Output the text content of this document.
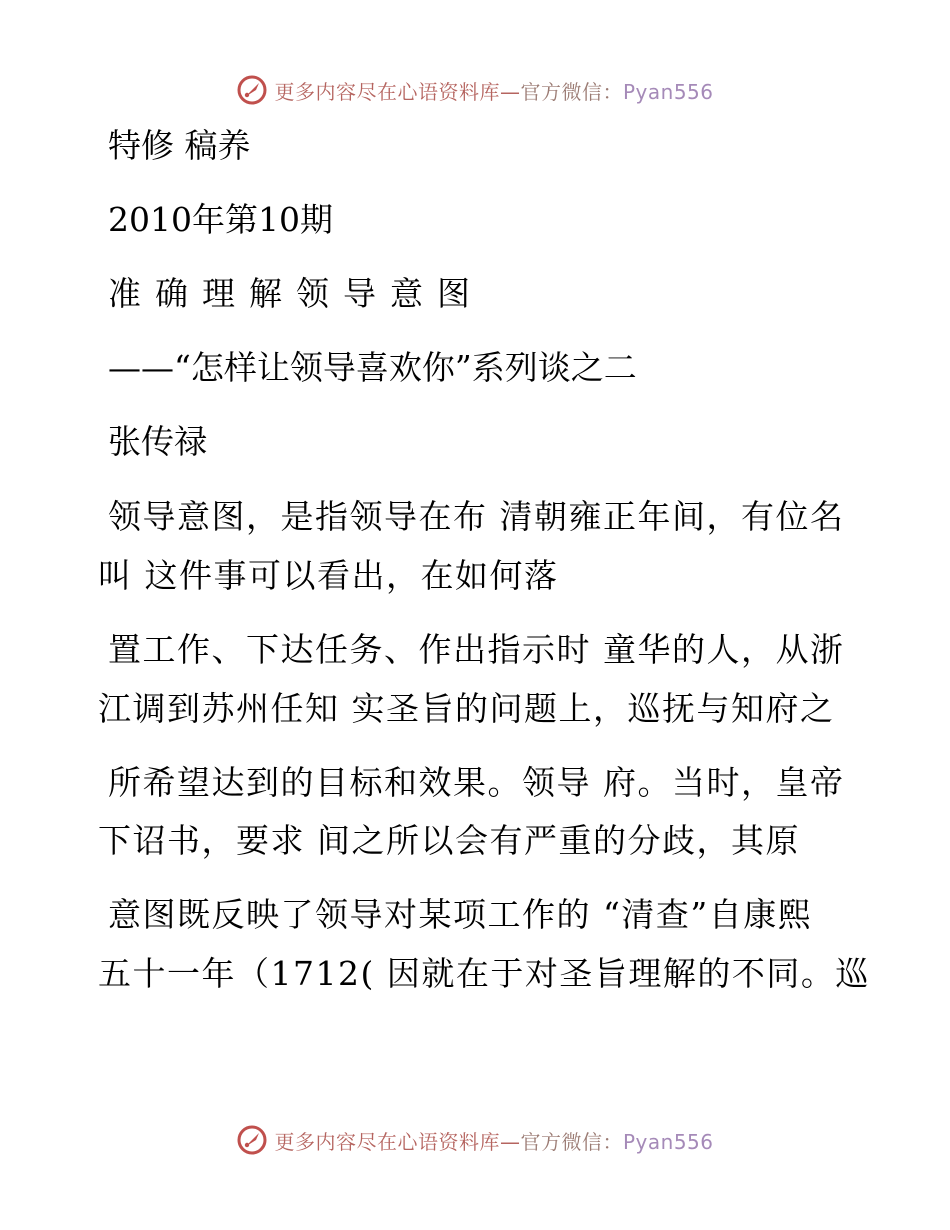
更多内容尽在心语资料库—官方微信：Pyan556
特修 稿养
2010年第10期
准确理解领导意图
——“怎样让领导喜欢你”系列谈之二
张传禄
领导意图，是指领导在布 清朝雍正年间，有位名
叫 这件事可以看出，在如何落
置工作、下达任务、作出指示时 童华的人，从浙
江调到苏州任知 实圣旨的问题上，巡抚与知府之
所希望达到的目标和效果。领导 府。当时，皇帝
下诏书，要求 间之所以会有严重的分歧，其原
意图既反映了领导对某项工作的 “清查”自康熙
五十一年（1712( 因就在于对圣旨理解的不同。巡
更多内容尽在心语资料库—官方微信：Pyan556
